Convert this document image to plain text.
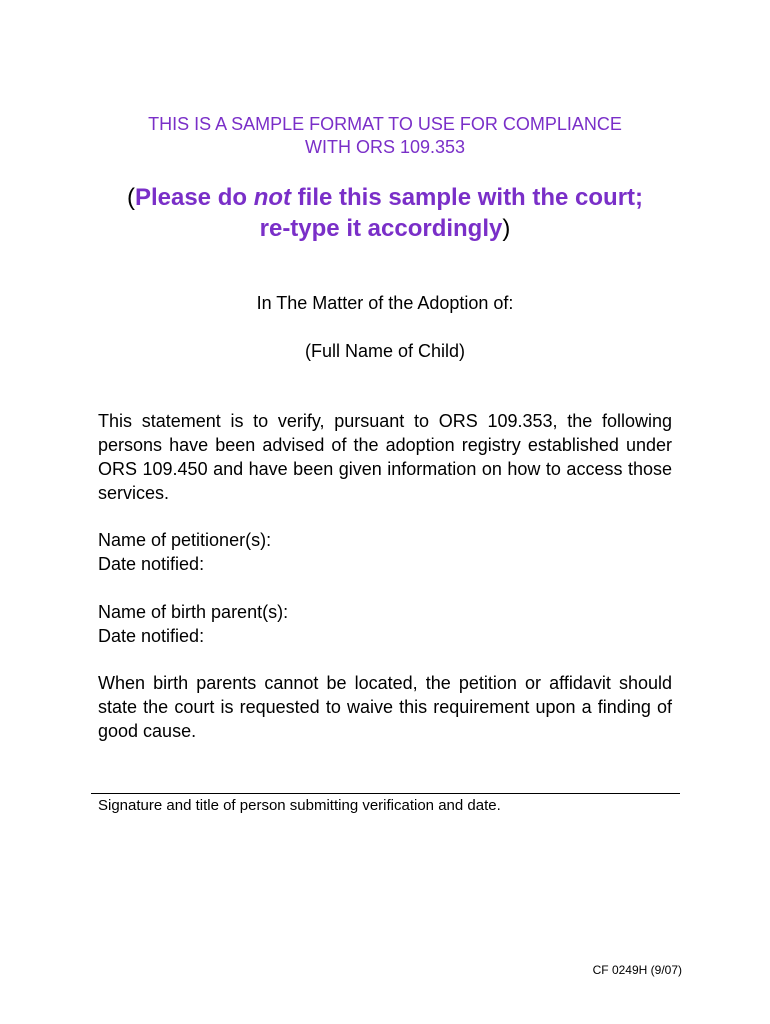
THIS IS A SAMPLE FORMAT TO USE FOR COMPLIANCE
WITH ORS 109.353

(Please do not file this sample with the court;
re-type it accordingly)

In The Matter of the Adoption of:

(Full Name of Child)

This statement is to verify, pursuant to ORS 109.353, the following persons have been advised of the adoption registry established under ORS 109.450 and have been given information on how to access those services.

Name of petitioner(s):
Date notified:

Name of birth parent(s):
Date notified:

When birth parents cannot be located, the petition or affidavit should state the court is requested to waive this requirement upon a finding of good cause.

Signature and title of person submitting verification and date.

CF 0249H (9/07)
